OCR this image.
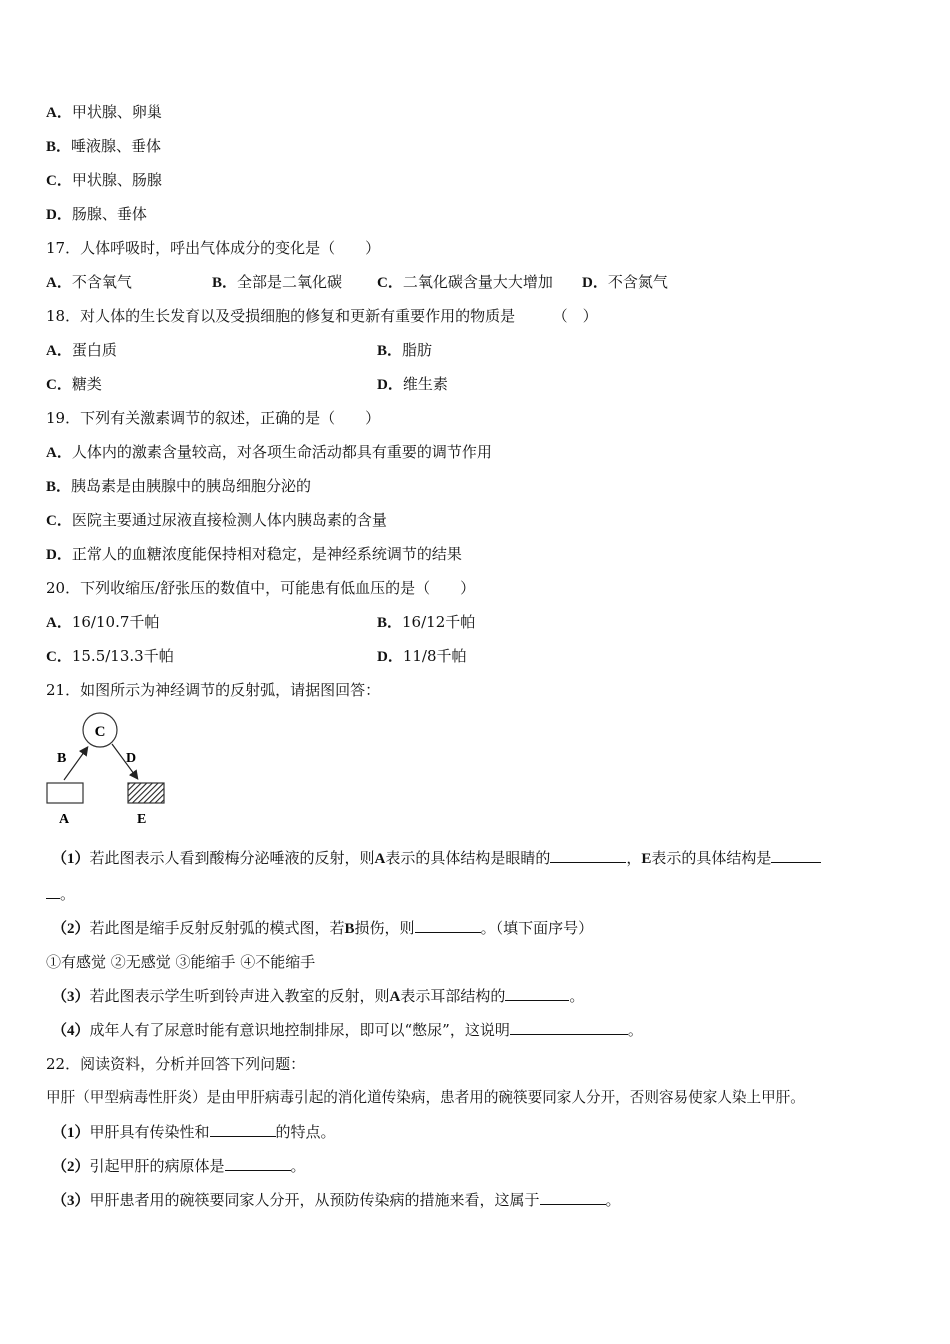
A．甲状腺、卵巢
B．唾液腺、垂体
C．甲状腺、肠腺
D．肠腺、垂体
17．人体呼吸时，呼出气体成分的变化是（　　）
A．不含氧气	B．全部是二氧化碳 C．二氧化碳含量大大增加 D．不含氮气
18．对人体的生长发育以及受损细胞的修复和更新有重要作用的物质是　　　（　）
A．蛋白质	B．脂肪
C．糖类	D．维生素
19．下列有关激素调节的叙述，正确的是（　　）
A．人体内的激素含量较高，对各项生命活动都具有重要的调节作用
B．胰岛素是由胰腺中的胰岛细胞分泌的
C．医院主要通过尿液直接检测人体内胰岛素的含量
D．正常人的血糖浓度能保持相对稳定，是神经系统调节的结果
20．下列收缩压/舒张压的数值中，可能患有低血压的是（　　）
A．16/10.7千帕	B．16/12千帕
C．15.5/13.3千帕	D．11/8千帕
21．如图所示为神经调节的反射弧，请据图回答：
C
B	D
A	E
（1）若此图表示人看到酸梅分泌唾液的反射，则A表示的具体结构是眼睛的	，E表示的具体结构是
。
（2）若此图是缩手反射反射弧的模式图，若B损伤，则	。（填下面序号）
①有感觉 ②无感觉 ③能缩手 ④不能缩手
（3）若此图表示学生听到铃声进入教室的反射，则A表示耳部结构的	。
（4）成年人有了尿意时能有意识地控制排尿，即可以“憋尿”，这说明	。
22．阅读资料，分析并回答下列问题：
甲肝（甲型病毒性肝炎）是由甲肝病毒引起的消化道传染病，患者用的碗筷要同家人分开，否则容易使家人染上甲肝。
（1）甲肝具有传染性和	的特点。
（2）引起甲肝的病原体是	。
（3）甲肝患者用的碗筷要同家人分开，从预防传染病的措施来看，这属于	。
